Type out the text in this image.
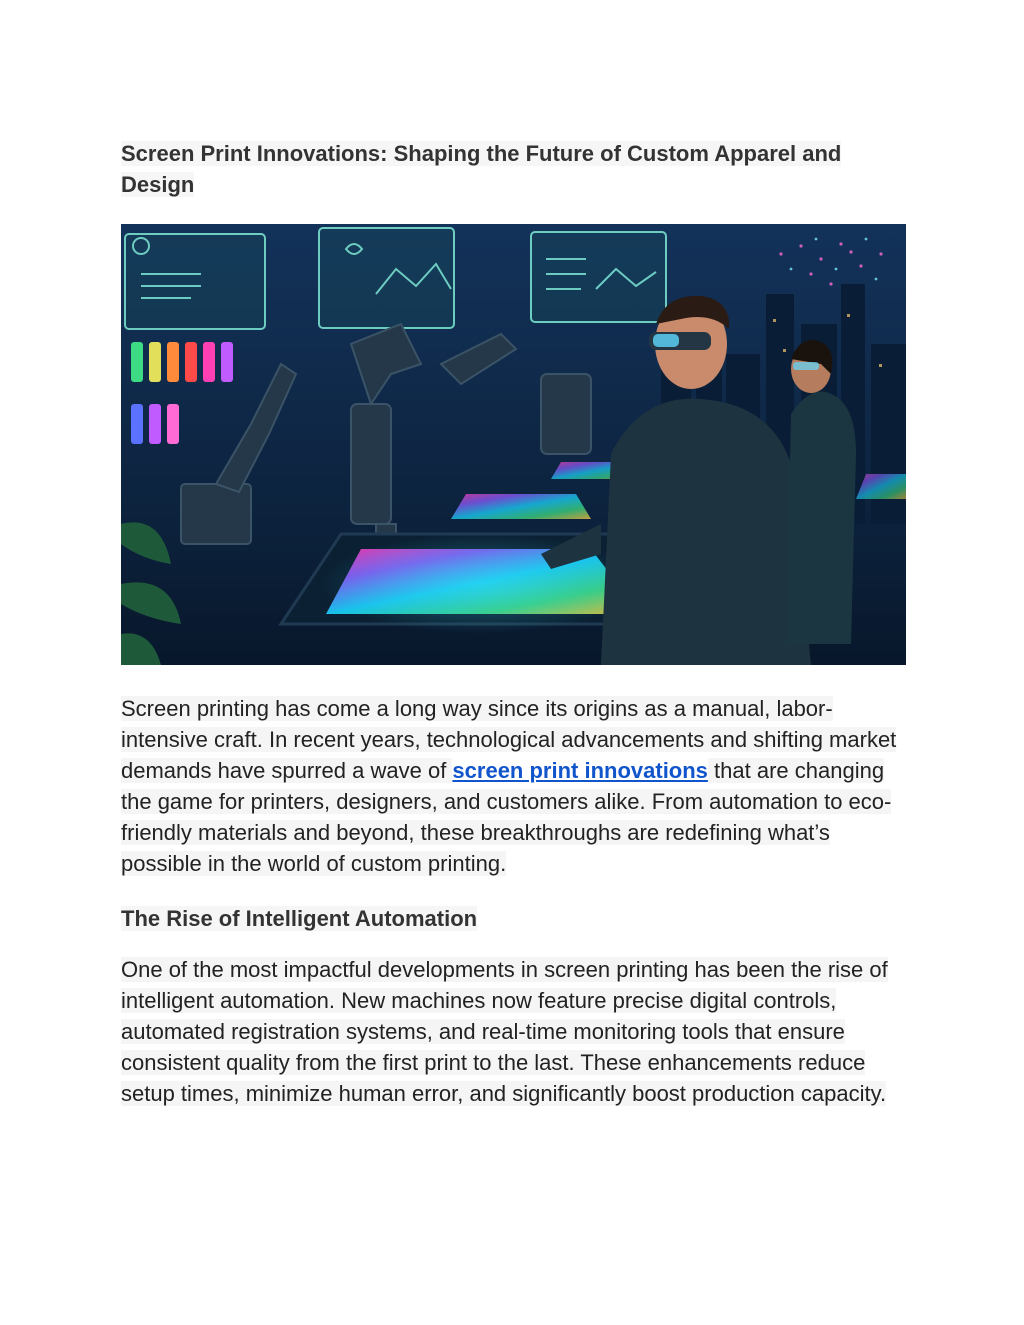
Screen Print Innovations: Shaping the Future of Custom Apparel and Design

Screen printing has come a long way since its origins as a manual, labor-intensive craft. In recent years, technological advancements and shifting market demands have spurred a wave of screen print innovations that are changing the game for printers, designers, and customers alike. From automation to eco-friendly materials and beyond, these breakthroughs are redefining what’s possible in the world of custom printing.

The Rise of Intelligent Automation

One of the most impactful developments in screen printing has been the rise of intelligent automation. New machines now feature precise digital controls, automated registration systems, and real-time monitoring tools that ensure consistent quality from the first print to the last. These enhancements reduce setup times, minimize human error, and significantly boost production capacity.
